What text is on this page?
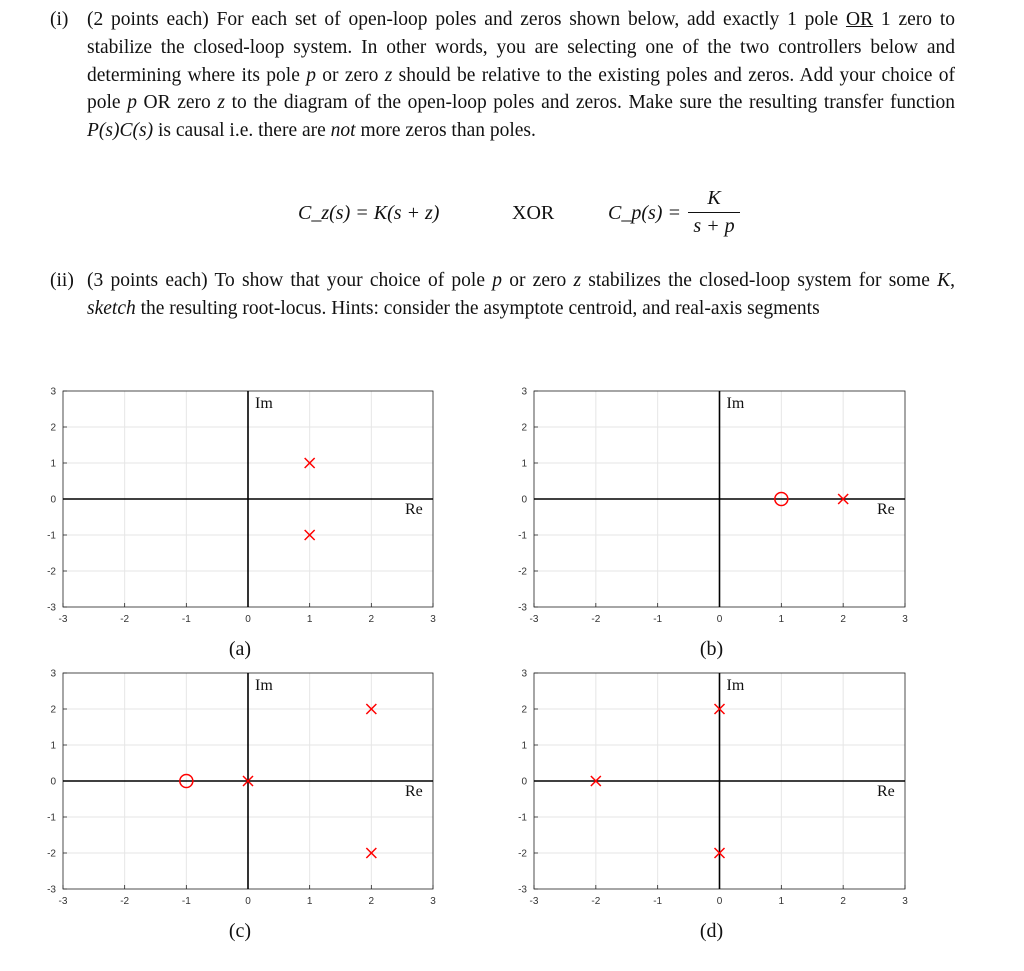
(i) (2 points each) For each set of open-loop poles and zeros shown below, add exactly 1 pole OR 1 zero to stabilize the closed-loop system. In other words, you are selecting one of the two controllers below and determining where its pole p or zero z should be relative to the existing poles and zeros. Add your choice of pole p OR zero z to the diagram of the open-loop poles and zeros. Make sure the resulting transfer function P(s)C(s) is causal i.e. there are not more zeros than poles.
C_z(s) = K(s + z)	XOR	C_p(s) =
K
s + p
(ii) (3 points each) To show that your choice of pole p or zero z stabilizes the closed-loop system for some K, sketch the resulting root-locus. Hints: consider the asymptote centroid, and real-axis segments
-3	-2	-1	0	1	2	3
-3
-2
-1
0
1
2
3
Im
Re
(a)
-3	-2	-1	0	1	2	3
-3
-2
-1
0
1
2
3
Im
Re
(b)
-3	-2	-1	0	1	2	3
-3
-2
-1
0
1
2
3
Im
Re
(c)
-3	-2	-1	0	1	2	3
-3
-2
-1
0
1
2
3
Im
Re
(d)
